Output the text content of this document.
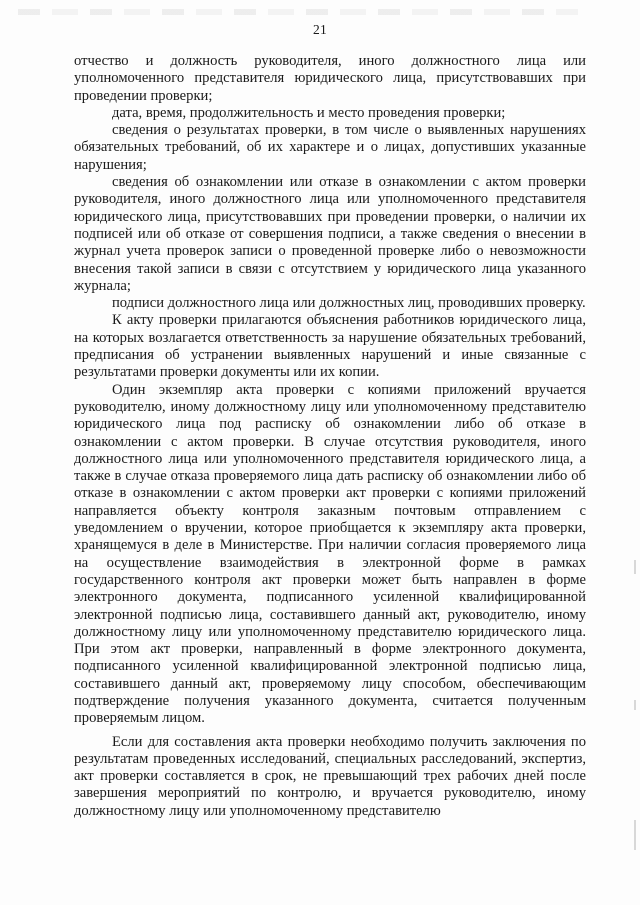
21

отчество и должность руководителя, иного должностного лица или уполномоченного представителя юридического лица, присутствовавших при проведении проверки;

дата, время, продолжительность и место проведения проверки;

сведения о результатах проверки, в том числе о выявленных нарушениях обязательных требований, об их характере и о лицах, допустивших указанные нарушения;

сведения об ознакомлении или отказе в ознакомлении с актом проверки руководителя, иного должностного лица или уполномоченного представителя юридического лица, присутствовавших при проведении проверки, о наличии их подписей или об отказе от совершения подписи, а также сведения о внесении в журнал учета проверок записи о проведенной проверке либо о невозможности внесения такой записи в связи с отсутствием у юридического лица указанного журнала;

подписи должностного лица или должностных лиц, проводивших проверку.

К акту проверки прилагаются объяснения работников юридического лица, на которых возлагается ответственность за нарушение обязательных требований, предписания об устранении выявленных нарушений и иные связанные с результатами проверки документы или их копии.

Один экземпляр акта проверки с копиями приложений вручается руководителю, иному должностному лицу или уполномоченному представителю юридического лица под расписку об ознакомлении либо об отказе в ознакомлении с актом проверки. В случае отсутствия руководителя, иного должностного лица или уполномоченного представителя юридического лица, а также в случае отказа проверяемого лица дать расписку об ознакомлении либо об отказе в ознакомлении с актом проверки акт проверки с копиями приложений направляется объекту контроля заказным почтовым отправлением с уведомлением о вручении, которое приобщается к экземпляру акта проверки, хранящемуся в деле в Министерстве. При наличии согласия проверяемого лица на осуществление взаимодействия в электронной форме в рамках государственного контроля акт проверки может быть направлен в форме электронного документа, подписанного усиленной квалифицированной электронной подписью лица, составившего данный акт, руководителю, иному должностному лицу или уполномоченному представителю юридического лица. При этом акт проверки, направленный в форме электронного документа, подписанного усиленной квалифицированной электронной подписью лица, составившего данный акт, проверяемому лицу способом, обеспечивающим подтверждение получения указанного документа, считается полученным проверяемым лицом.

Если для составления акта проверки необходимо получить заключения по результатам проведенных исследований, специальных расследований, экспертиз, акт проверки составляется в срок, не превышающий трех рабочих дней после завершения мероприятий по контролю, и вручается руководителю, иному должностному лицу или уполномоченному представителю
